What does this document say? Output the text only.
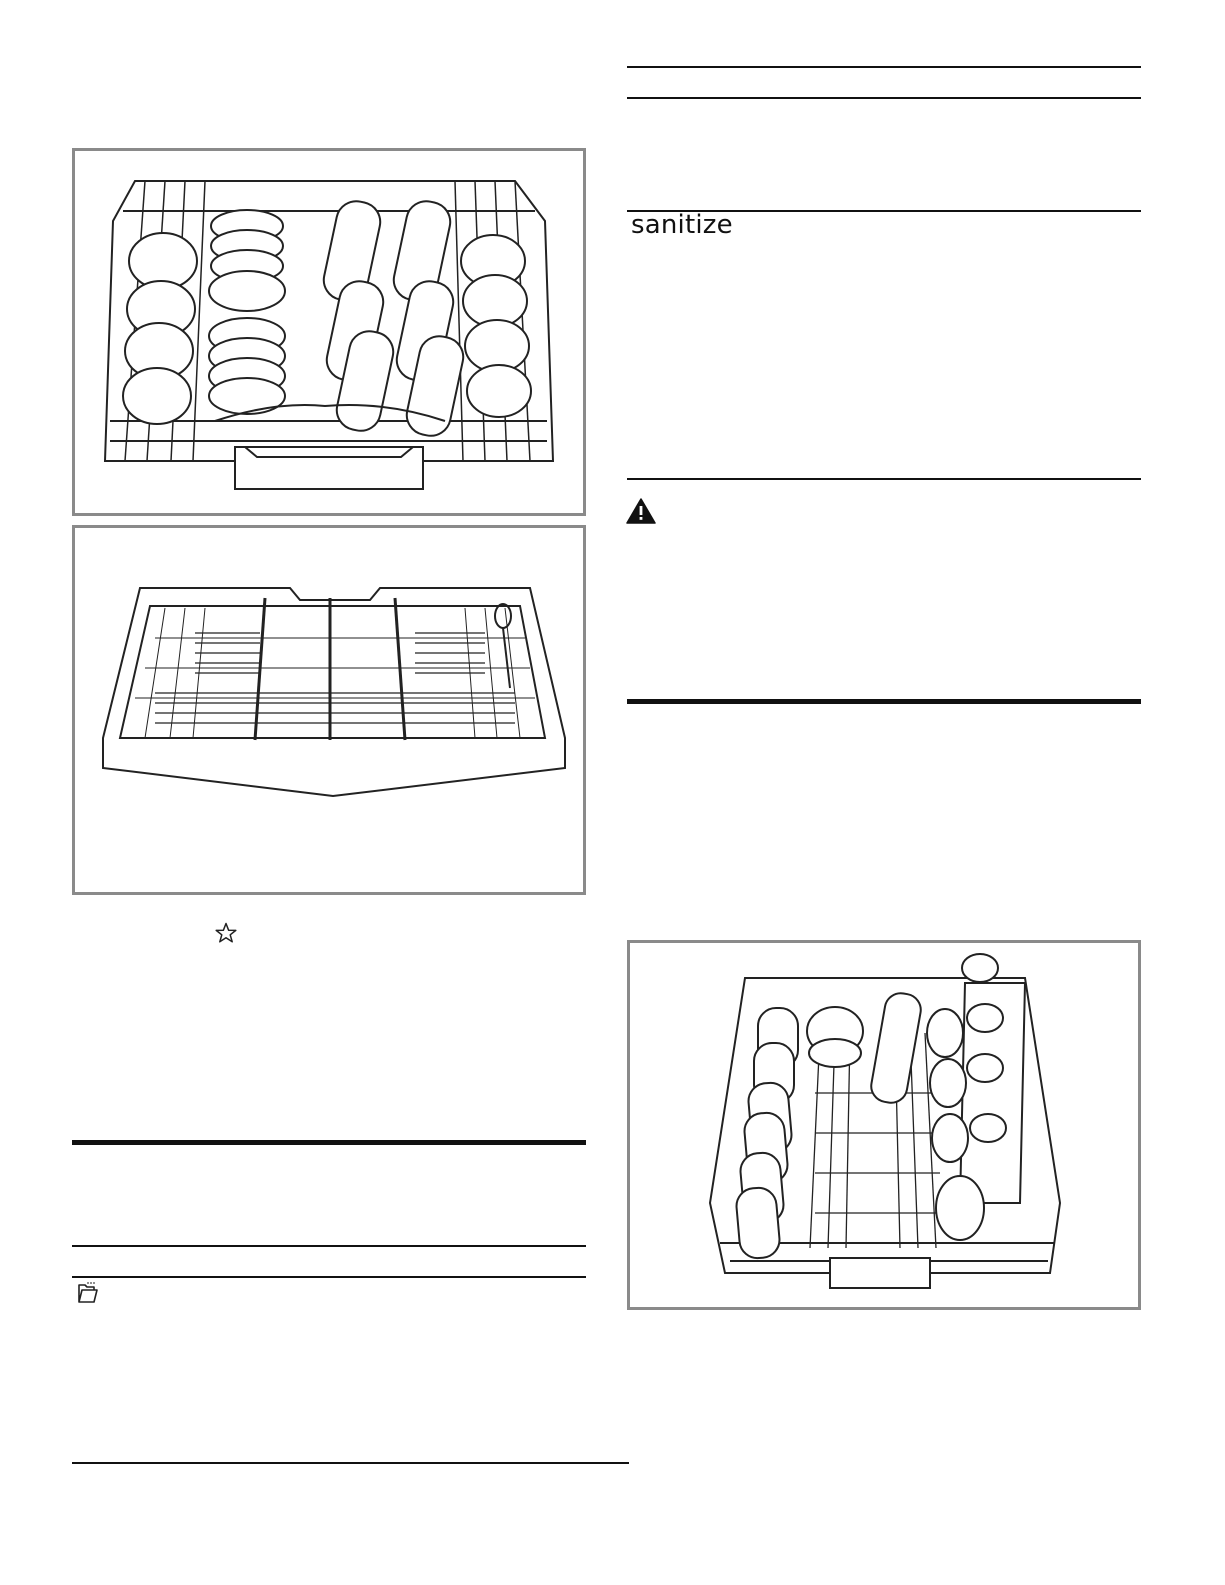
sanitize
